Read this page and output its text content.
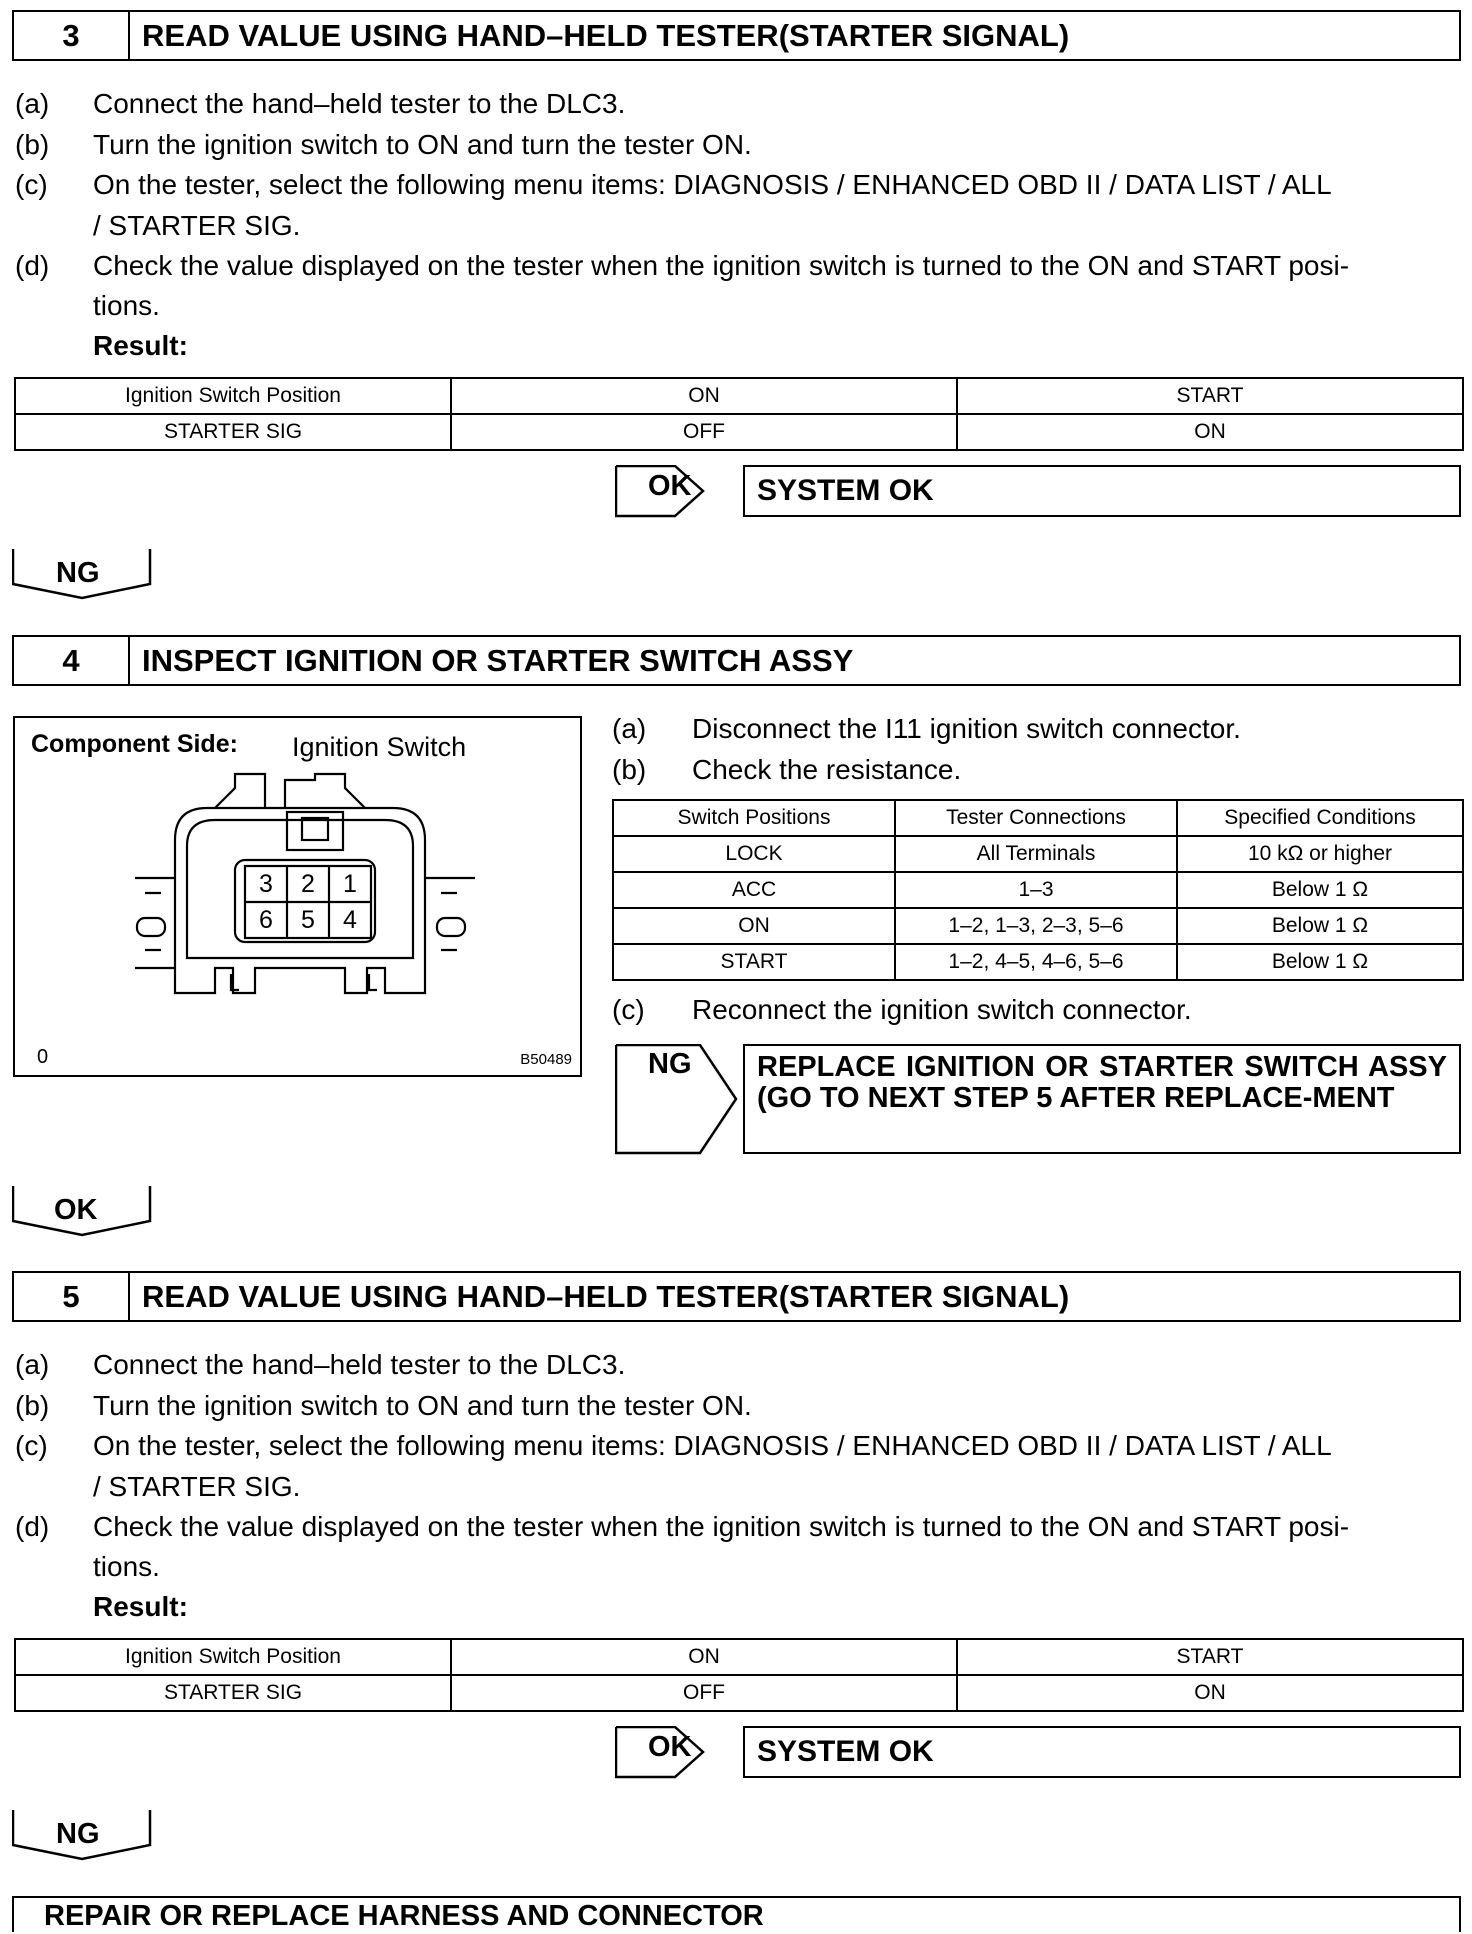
3	READ VALUE USING HAND–HELD TESTER(STARTER SIGNAL)
(a) Connect the hand–held tester to the DLC3.
(b) Turn the ignition switch to ON and turn the tester ON.
(c) On the tester, select the following menu items: DIAGNOSIS / ENHANCED OBD II / DATA LIST / ALL
/ STARTER SIG.
(d) Check the value displayed on the tester when the ignition switch is turned to the ON and START posi-
tions.
Result:
Ignition Switch Position	ON	START
STARTER SIG	OFF	ON
OK SYSTEM OK
NG
4	INSPECT IGNITION OR STARTER SWITCH ASSY
Component Side: Ignition Switch
3	2	1
6	5	4
0	B50489
(a) Disconnect the I11 ignition switch connector.
(b) Check the resistance.
Switch Positions	Tester Connections	Specified Conditions
LOCK	All Terminals	10 kΩ or higher
ACC	1–3	Below 1 Ω
ON	1–2, 1–3, 2–3, 5–6	Below 1 Ω
START	1–2, 4–5, 4–6, 5–6	Below 1 Ω
(c) Reconnect the ignition switch connector.
NG	REPLACE IGNITION OR STARTER SWITCH ASSY (GO TO NEXT STEP 5 AFTER REPLACE-MENT
OK
5	READ VALUE USING HAND–HELD TESTER(STARTER SIGNAL)
(a) Connect the hand–held tester to the DLC3.
(b) Turn the ignition switch to ON and turn the tester ON.
(c) On the tester, select the following menu items: DIAGNOSIS / ENHANCED OBD II / DATA LIST / ALL
/ STARTER SIG.
(d) Check the value displayed on the tester when the ignition switch is turned to the ON and START posi-
tions.
Result:
Ignition Switch Position	ON	START
STARTER SIG	OFF	ON
OK SYSTEM OK
NG
REPAIR OR REPLACE HARNESS AND CONNECTOR
